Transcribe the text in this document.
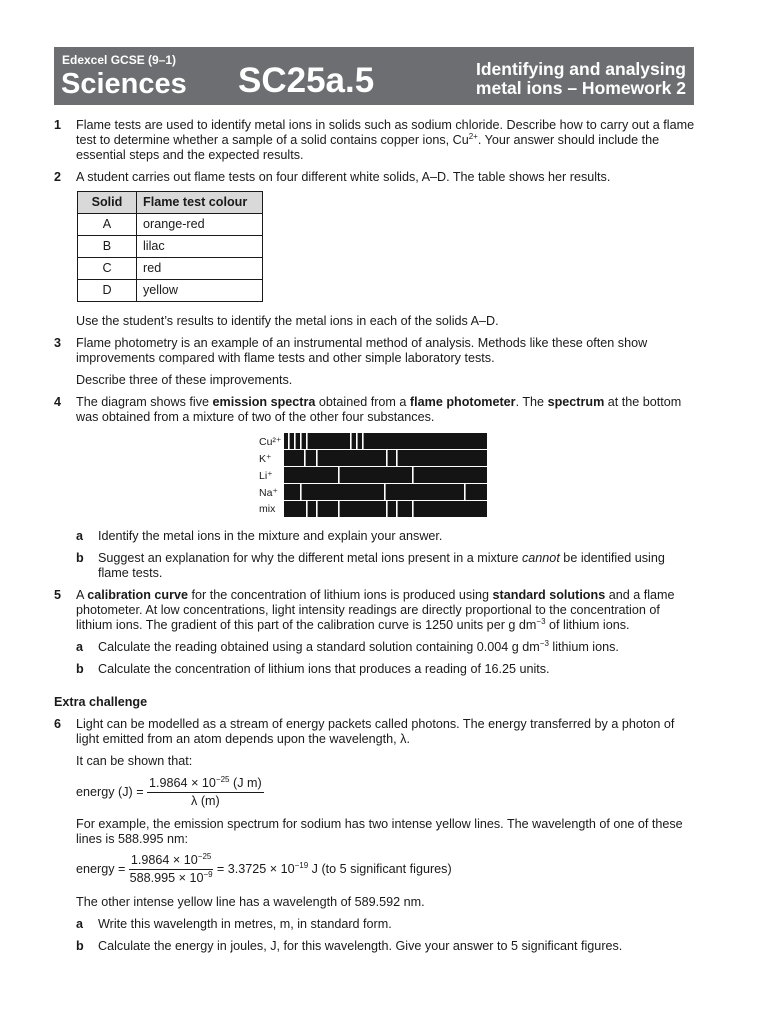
Edexcel GCSE (9–1)
Sciences SC25a.5	Identifying and analysing metal ions – Homework 2
1 Flame tests are used to identify metal ions in solids such as sodium chloride. Describe how to carry out a flame test to determine whether a sample of a solid contains copper ions, $Cu^{2+}$. Your answer should include the essential steps and the expected results.

2 A student carries out flame tests on four different white solids, A–D. The table shows her results.

Solid	Flame test colour
A	orange-red
B	lilac
C	red
D	yellow

Use the student’s results to identify the metal ions in each of the solids A–D.

3 Flame photometry is an example of an instrumental method of analysis. Methods like these often show improvements compared with flame tests and other simple laboratory tests.

Describe three of these improvements.

4 The diagram shows five emission spectra obtained from a flame photometer. The spectrum at the bottom was obtained from a mixture of two of the other four substances.

Cu²⁺
K⁺
Li⁺
Na⁺
mix
a Identify the metal ions in the mixture and explain your answer.

b Suggest an explanation for why the different metal ions present in a mixture cannot be identified using flame tests.

5 A calibration curve for the concentration of lithium ions is produced using standard solutions and a flame photometer. At low concentrations, light intensity readings are directly proportional to the concentration of lithium ions. The gradient of this part of the calibration curve is 1250 units per g $dm^{-3}$ of lithium ions.

a Calculate the reading obtained using a standard solution containing 0.004 g $dm^{-3}$ lithium ions.

b Calculate the concentration of lithium ions that produces a reading of 16.25 units.

Extra challenge
6 Light can be modelled as a stream of energy packets called photons. The energy transferred by a photon of light emitted from an atom depends upon the wavelength, λ.

It can be shown that:

energy $(J) = \frac{1.9864 \times 10^{-25} (J m)}{\lambda (m)}$

For example, the emission spectrum for sodium has two intense yellow lines. The wavelength of one of these lines is 588.995 nm:

energy = $\frac{1.9864 \times 10^{-25}}{588.995 \times 10^{-9}} = 3.3725 \times 10^{-19}$ J (to 5 significant figures)

The other intense yellow line has a wavelength of 589.592 nm.

a Write this wavelength in metres, m, in standard form.

b Calculate the energy in joules, J, for this wavelength. Give your answer to 5 significant figures.
